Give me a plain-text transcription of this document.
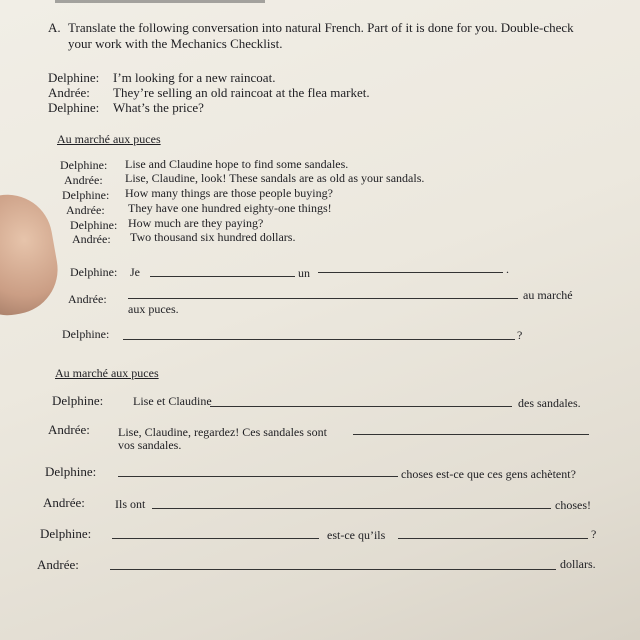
A. Translate the following conversation into natural French. Part of it is done for you. Double-check
your work with the Mechanics Checklist.
Delphine: I’m looking for a new raincoat.
Andrée: They’re selling an old raincoat at the flea market.
Delphine: What’s the price?
Au marché aux puces
Delphine: Lise and Claudine hope to find some sandales.
Andrée: Lise, Claudine, look! These sandals are as old as your sandals.
Delphine: How many things are those people buying?
Andrée: They have one hundred eighty-one things!
Delphine: How much are they paying?
Andrée: Two thousand six hundred dollars.
Delphine: Je	un	.
Andrée:	au marché
aux puces.
Delphine:	?
Au marché aux puces
Delphine: Lise et Claudine	des sandales.
Andrée: Lise, Claudine, regardez! Ces sandales sont
vos sandales.
Delphine:	choses est-ce que ces gens achètent?
Andrée:	Ils ont	choses!
Delphine:	est-ce qu’ils	?
Andrée:	dollars.
